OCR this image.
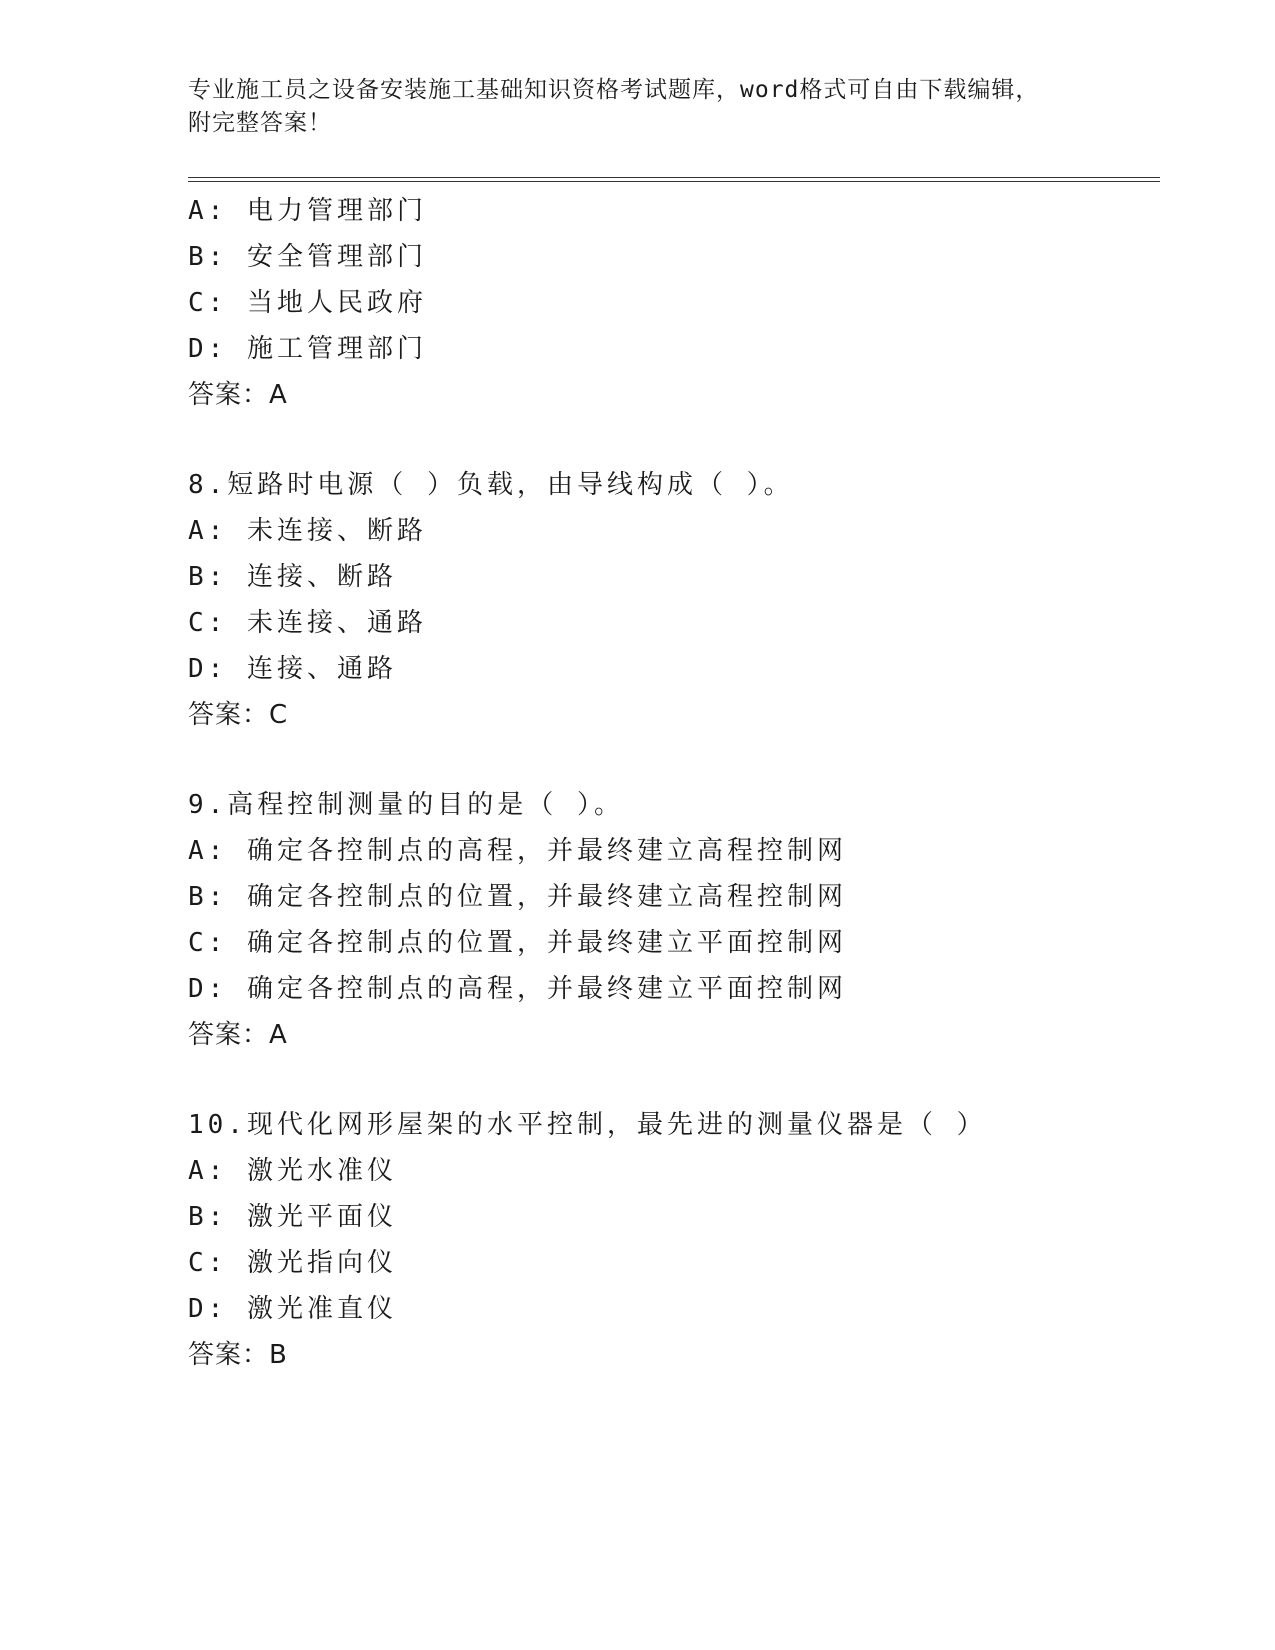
专业施工员之设备安装施工基础知识资格考试题库，word格式可自由下载编辑，
附完整答案！
A: 电力管理部门
B: 安全管理部门
C: 当地人民政府
D: 施工管理部门
答案：A
8.短路时电源（ ）负载，由导线构成（ ）。
A: 未连接、断路
B: 连接、断路
C: 未连接、通路
D: 连接、通路
答案：C
9.高程控制测量的目的是（ ）。
A: 确定各控制点的高程，并最终建立高程控制网
B: 确定各控制点的位置，并最终建立高程控制网
C: 确定各控制点的位置，并最终建立平面控制网
D: 确定各控制点的高程，并最终建立平面控制网
答案：A
10.现代化网形屋架的水平控制，最先进的测量仪器是（ ）
A: 激光水准仪
B: 激光平面仪
C: 激光指向仪
D: 激光准直仪
答案：B
